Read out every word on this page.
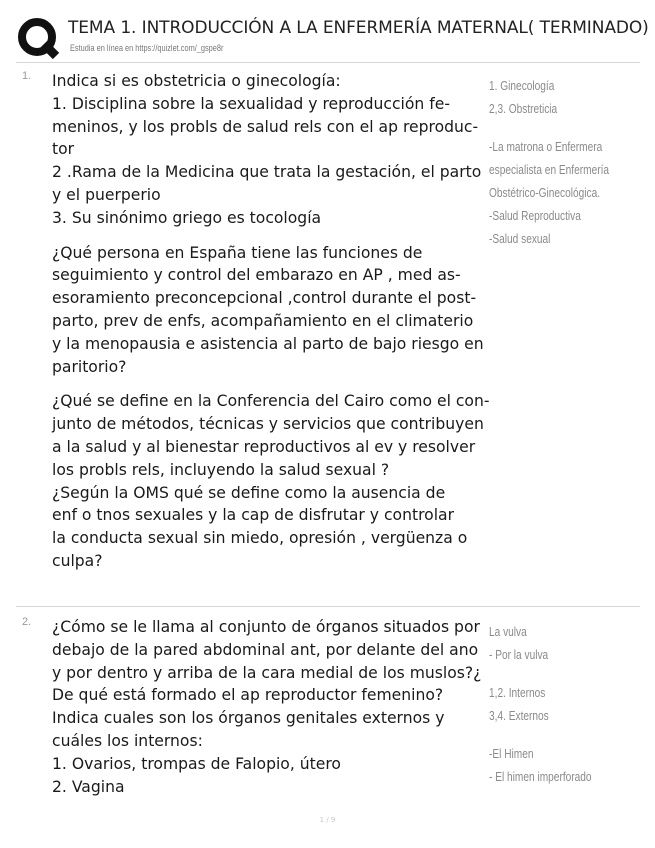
TEMA 1. INTRODUCCIÓN A LA ENFERMERÍA MATERNAL( TERMINADO)
Estudia en línea en https://quizlet.com/_gspe8r
1. Indica si es obstetricia o ginecología:
1. Disciplina sobre la sexualidad y reproducción fe-
meninos, y los probls de salud rels con el ap reproduc-
tor
2 .Rama de la Medicina que trata la gestación, el parto
y el puerperio
3. Su sinónimo griego es tocología
¿Qué persona en España tiene las funciones de
seguimiento y control del embarazo en AP , med as-
esoramiento preconcepcional ,control durante el post-
parto, prev de enfs, acompañamiento en el climaterio
y la menopausia e asistencia al parto de bajo riesgo en
paritorio?
¿Qué se define en la Conferencia del Cairo como el con-
junto de métodos, técnicas y servicios que contribuyen
a la salud y al bienestar reproductivos al ev y resolver
los probls rels, incluyendo la salud sexual ?
¿Según la OMS qué se define como la ausencia de
enf o tnos sexuales y la cap de disfrutar y controlar
la conducta sexual sin miedo, opresión , vergüenza o
culpa?
1. Ginecología
2,3. Obstreticia
-La matrona o Enfermera
especialista en Enfermería
Obstétrico-Ginecológica.
-Salud Reproductiva
-Salud sexual
2. ¿Cómo se le llama al conjunto de órganos situados por
debajo de la pared abdominal ant, por delante del ano
y por dentro y arriba de la cara medial de los muslos?¿
De qué está formado el ap reproductor femenino?
Indica cuales son los órganos genitales externos y
cuáles los internos:
1. Ovarios, trompas de Falopio, útero
2. Vagina
La vulva
- Por la vulva
1,2. Internos
3,4. Externos
-El Himen
- El himen imperforado
1 / 9
